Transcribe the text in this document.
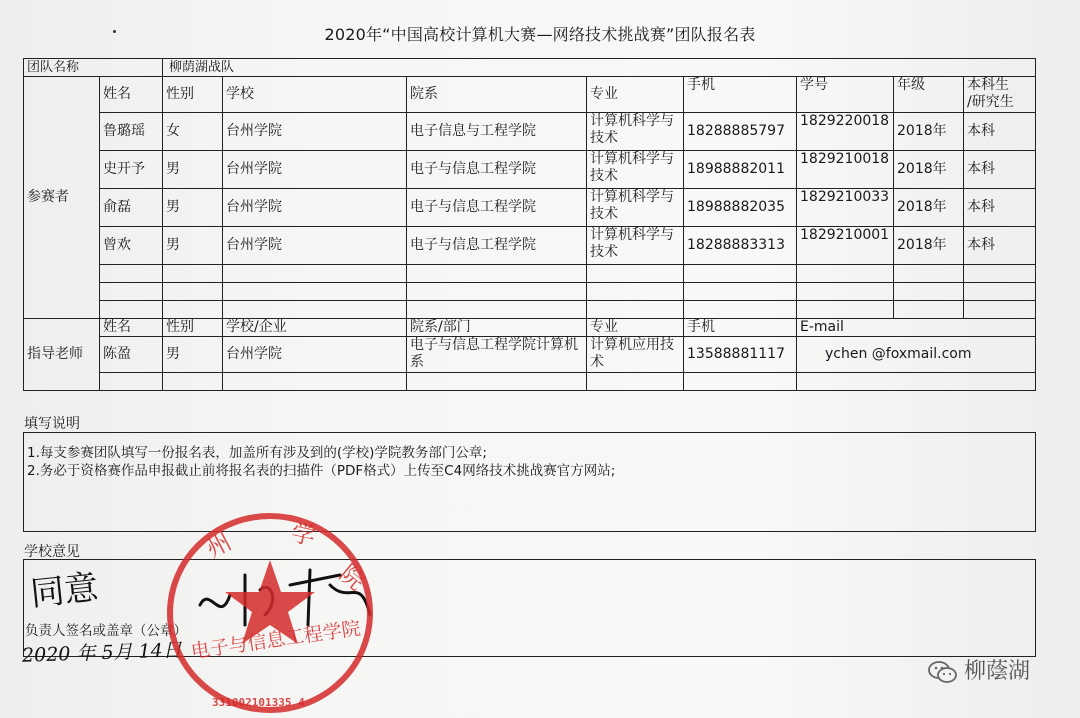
2020年“中国高校计算机大赛—网络技术挑战赛”团队报名表
团队名称		柳荫湖战队							
参赛者	姓名	性别	学校	院系	专业	手机	学号	年级	本科生
/研究生
	鲁璐瑶	女	台州学院	电子信息与工程学院	计算机科学与技术	18288885797	1829220018	2018年	本科
	史开予	男	台州学院	电子与信息工程学院	计算机科学与技术	18988882011	1829210018	2018年	本科
	俞磊	男	台州学院	电子与信息工程学院	计算机科学与技术	18988882035	1829210033	2018年	本科
	曾欢	男	台州学院	电子与信息工程学院	计算机科学与技术	18288883313	1829210001	2018年	本科

指导老师	姓名	性别	学校/企业	院系/部门	专业	手机	E-mail		
	陈盈	男	台州学院	电子与信息工程学院计算机系	计算机应用技术	13588881117	ychen @foxmail.com		

填写说明
1.每支参赛团队填写一份报名表，加盖所有涉及到的(学校)学院教务部门公章;
2.务必于资格赛作品申报截止前将报名表的扫描件（PDF格式）上传至C4网络技术挑战赛官方网站;
学校意见
同意
负责人签名或盖章（公章）
2020 年 5月 14日
州 学
院
电子与信息工程学院
331002101335 4
柳蔭湖
